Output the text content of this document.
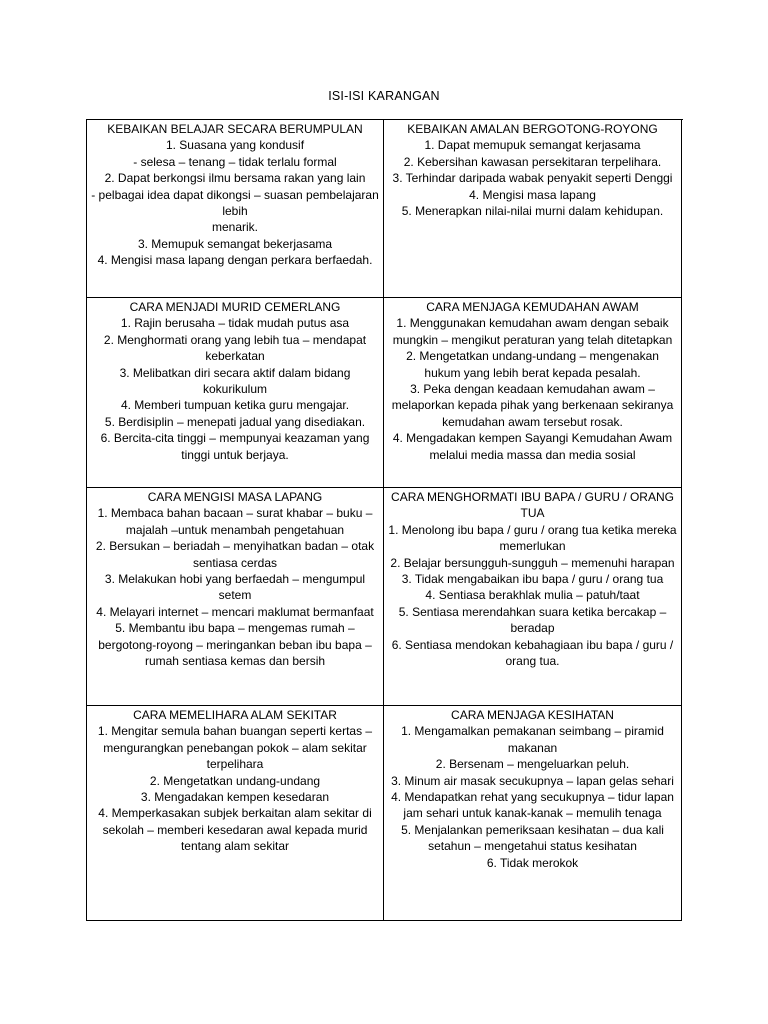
ISI-ISI KARANGAN
KEBAIKAN BELAJAR SECARA BERUMPULAN
1. Suasana yang kondusif
- selesa – tenang – tidak terlalu formal
2. Dapat berkongsi ilmu bersama rakan yang lain
- pelbagai idea dapat dikongsi – suasan pembelajaran lebih
menarik.
3. Memupuk semangat bekerjasama
4. Mengisi masa lapang dengan perkara berfaedah.
KEBAIKAN AMALAN BERGOTONG-ROYONG
1. Dapat memupuk semangat kerjasama
2. Kebersihan kawasan persekitaran terpelihara.
3. Terhindar daripada wabak penyakit seperti Denggi
4. Mengisi masa lapang
5. Menerapkan nilai-nilai murni dalam kehidupan.
CARA MENJADI MURID CEMERLANG
1. Rajin berusaha – tidak mudah putus asa
2. Menghormati orang yang lebih tua – mendapat keberkatan
3. Melibatkan diri secara aktif dalam bidang kokurikulum
4. Memberi tumpuan ketika guru mengajar.
5. Berdisiplin – menepati jadual yang disediakan.
6. Bercita-cita tinggi – mempunyai keazaman yang tinggi untuk berjaya.
CARA MENJAGA KEMUDAHAN AWAM
1. Menggunakan kemudahan awam dengan sebaik mungkin – mengikut peraturan yang telah ditetapkan
2. Mengetatkan undang-undang – mengenakan hukum yang lebih berat kepada pesalah.
3. Peka dengan keadaan kemudahan awam – melaporkan kepada pihak yang berkenaan sekiranya kemudahan awam tersebut rosak.
4. Mengadakan kempen Sayangi Kemudahan Awam melalui media massa dan media sosial
CARA MENGISI MASA LAPANG
1. Membaca bahan bacaan – surat khabar – buku – majalah –untuk menambah pengetahuan
2. Bersukan – beriadah – menyihatkan badan – otak sentiasa cerdas
3. Melakukan hobi yang berfaedah – mengumpul setem
4. Melayari internet – mencari maklumat bermanfaat
5. Membantu ibu bapa – mengemas rumah – bergotong-royong – meringankan beban ibu bapa – rumah sentiasa kemas dan bersih
CARA MENGHORMATI IBU BAPA / GURU / ORANG TUA
1. Menolong ibu bapa / guru / orang tua ketika mereka memerlukan
2. Belajar bersungguh-sungguh – memenuhi harapan
3. Tidak mengabaikan ibu bapa / guru / orang tua
4. Sentiasa berakhlak mulia – patuh/taat
5. Sentiasa merendahkan suara ketika bercakap – beradap
6. Sentiasa mendokan kebahagiaan ibu bapa / guru / orang tua.
CARA MEMELIHARA ALAM SEKITAR
1. Mengitar semula bahan buangan seperti kertas – mengurangkan penebangan pokok – alam sekitar terpelihara
2. Mengetatkan undang-undang
3. Mengadakan kempen kesedaran
4. Memperkasakan subjek berkaitan alam sekitar di sekolah – memberi kesedaran awal kepada murid tentang alam sekitar
CARA MENJAGA KESIHATAN
1. Mengamalkan pemakanan seimbang – piramid makanan
2. Bersenam – mengeluarkan peluh.
3. Minum air masak secukupnya – lapan gelas sehari
4. Mendapatkan rehat yang secukupnya – tidur lapan jam sehari untuk kanak-kanak – memulih tenaga
5. Menjalankan pemeriksaan kesihatan – dua kali setahun – mengetahui status kesihatan
6. Tidak merokok
